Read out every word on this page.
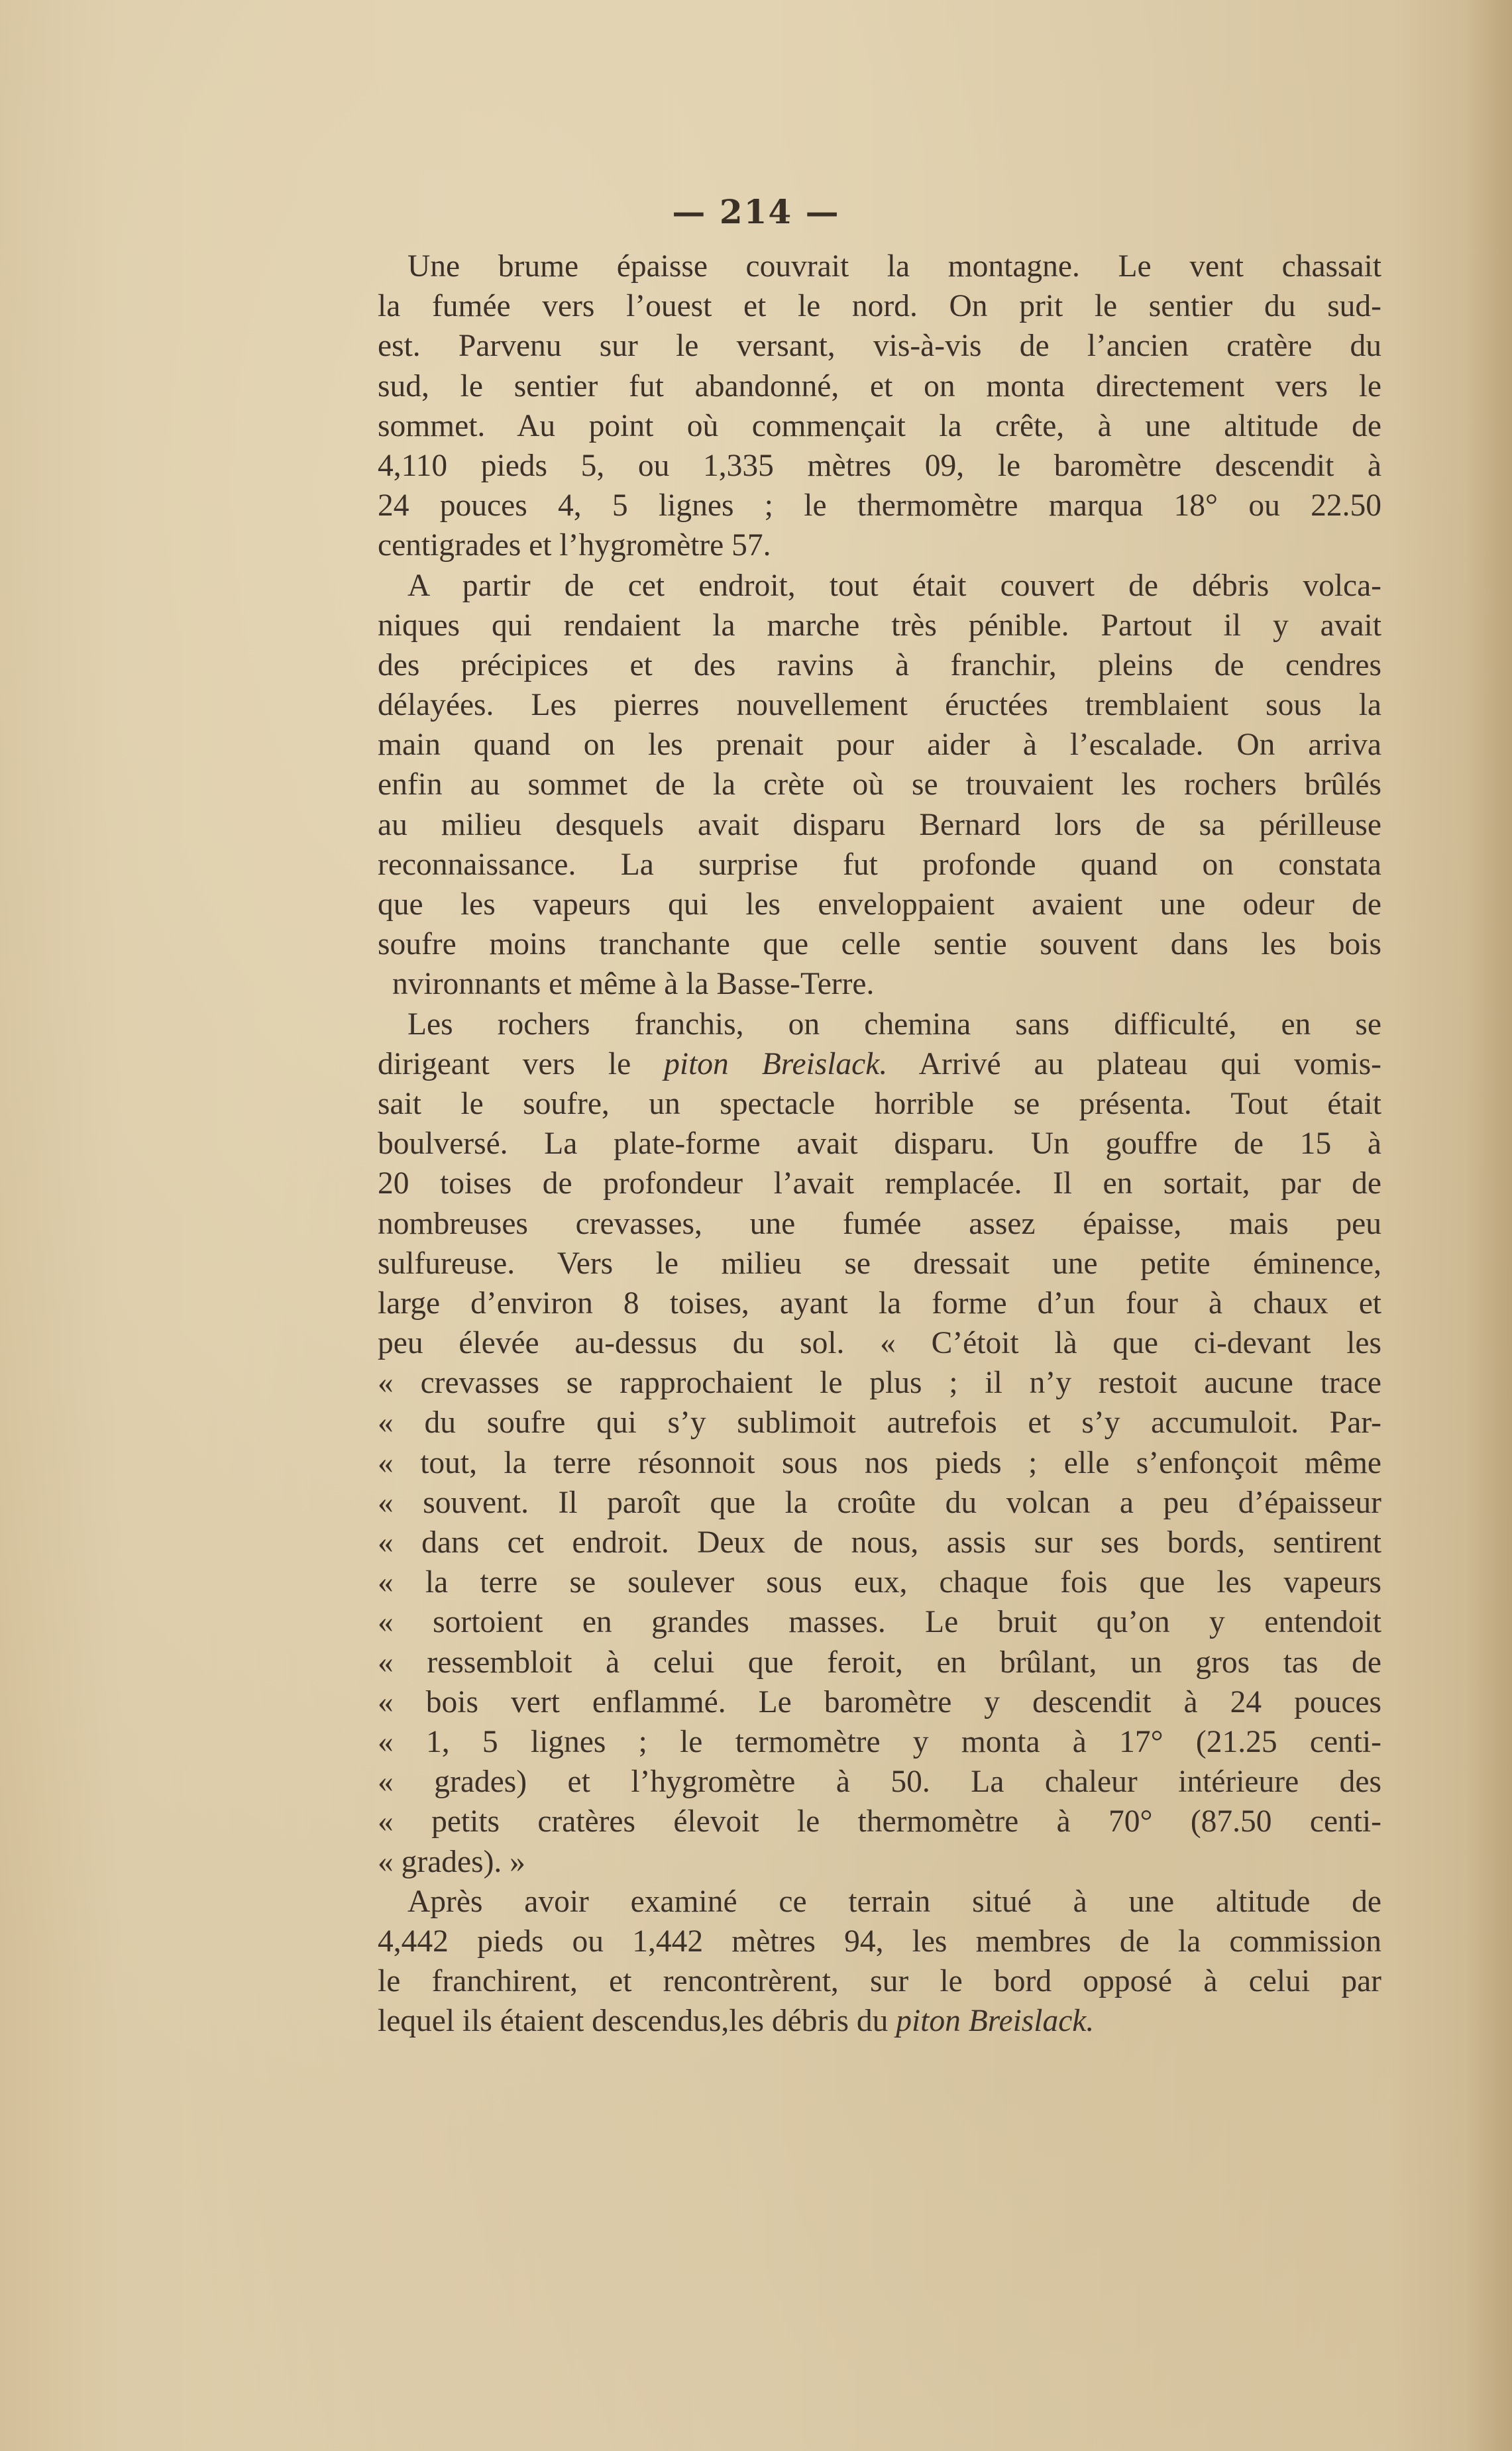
— 214 —
Une brume épaisse couvrait la montagne. Le vent chassait
la fumée vers l’ouest et le nord. On prit le sentier du sud-
est. Parvenu sur le versant, vis-à-vis de l’ancien cratère du
sud, le sentier fut abandonné, et on monta directement vers le
sommet. Au point où commençait la crête, à une altitude de
4,110 pieds 5, ou 1,335 mètres 09, le baromètre descendit à
24 pouces 4, 5 lignes ; le thermomètre marqua 18° ou 22.50
centigrades et l’hygromètre 57.
A partir de cet endroit, tout était couvert de débris volca-
niques qui rendaient la marche très pénible. Partout il y avait
des précipices et des ravins à franchir, pleins de cendres
délayées. Les pierres nouvellement éructées tremblaient sous la
main quand on les prenait pour aider à l’escalade. On arriva
enfin au sommet de la crète où se trouvaient les rochers brûlés
au milieu desquels avait disparu Bernard lors de sa périlleuse
reconnaissance. La surprise fut profonde quand on constata
que les vapeurs qui les enveloppaient avaient une odeur de
soufre moins tranchante que celle sentie souvent dans les bois
nvironnants et même à la Basse-Terre.
Les rochers franchis, on chemina sans difficulté, en se
dirigeant vers le piton Breislack. Arrivé au plateau qui vomis-
sait le soufre, un spectacle horrible se présenta. Tout était
boulversé. La plate-forme avait disparu. Un gouffre de 15 à
20 toises de profondeur l’avait remplacée. Il en sortait, par de
nombreuses crevasses, une fumée assez épaisse, mais peu
sulfureuse. Vers le milieu se dressait une petite éminence,
large d’environ 8 toises, ayant la forme d’un four à chaux et
peu élevée au-dessus du sol. « C’étoit là que ci-devant les
« crevasses se rapprochaient le plus ; il n’y restoit aucune trace
« du soufre qui s’y sublimoit autrefois et s’y accumuloit. Par-
« tout, la terre résonnoit sous nos pieds ; elle s’enfonçoit même
« souvent. Il paroît que la croûte du volcan a peu d’épaisseur
« dans cet endroit. Deux de nous, assis sur ses bords, sentirent
« la terre se soulever sous eux, chaque fois que les vapeurs
« sortoient en grandes masses. Le bruit qu’on y entendoit
« ressembloit à celui que feroit, en brûlant, un gros tas de
« bois vert enflammé. Le baromètre y descendit à 24 pouces
« 1, 5 lignes ; le termomètre y monta à 17° (21.25 centi-
« grades) et l’hygromètre à 50. La chaleur intérieure des
« petits cratères élevoit le thermomètre à 70° (87.50 centi-
« grades). »
Après avoir examiné ce terrain situé à une altitude de
4,442 pieds ou 1,442 mètres 94, les membres de la commission
le franchirent, et rencontrèrent, sur le bord opposé à celui par
lequel ils étaient descendus,les débris du piton Breislack.
